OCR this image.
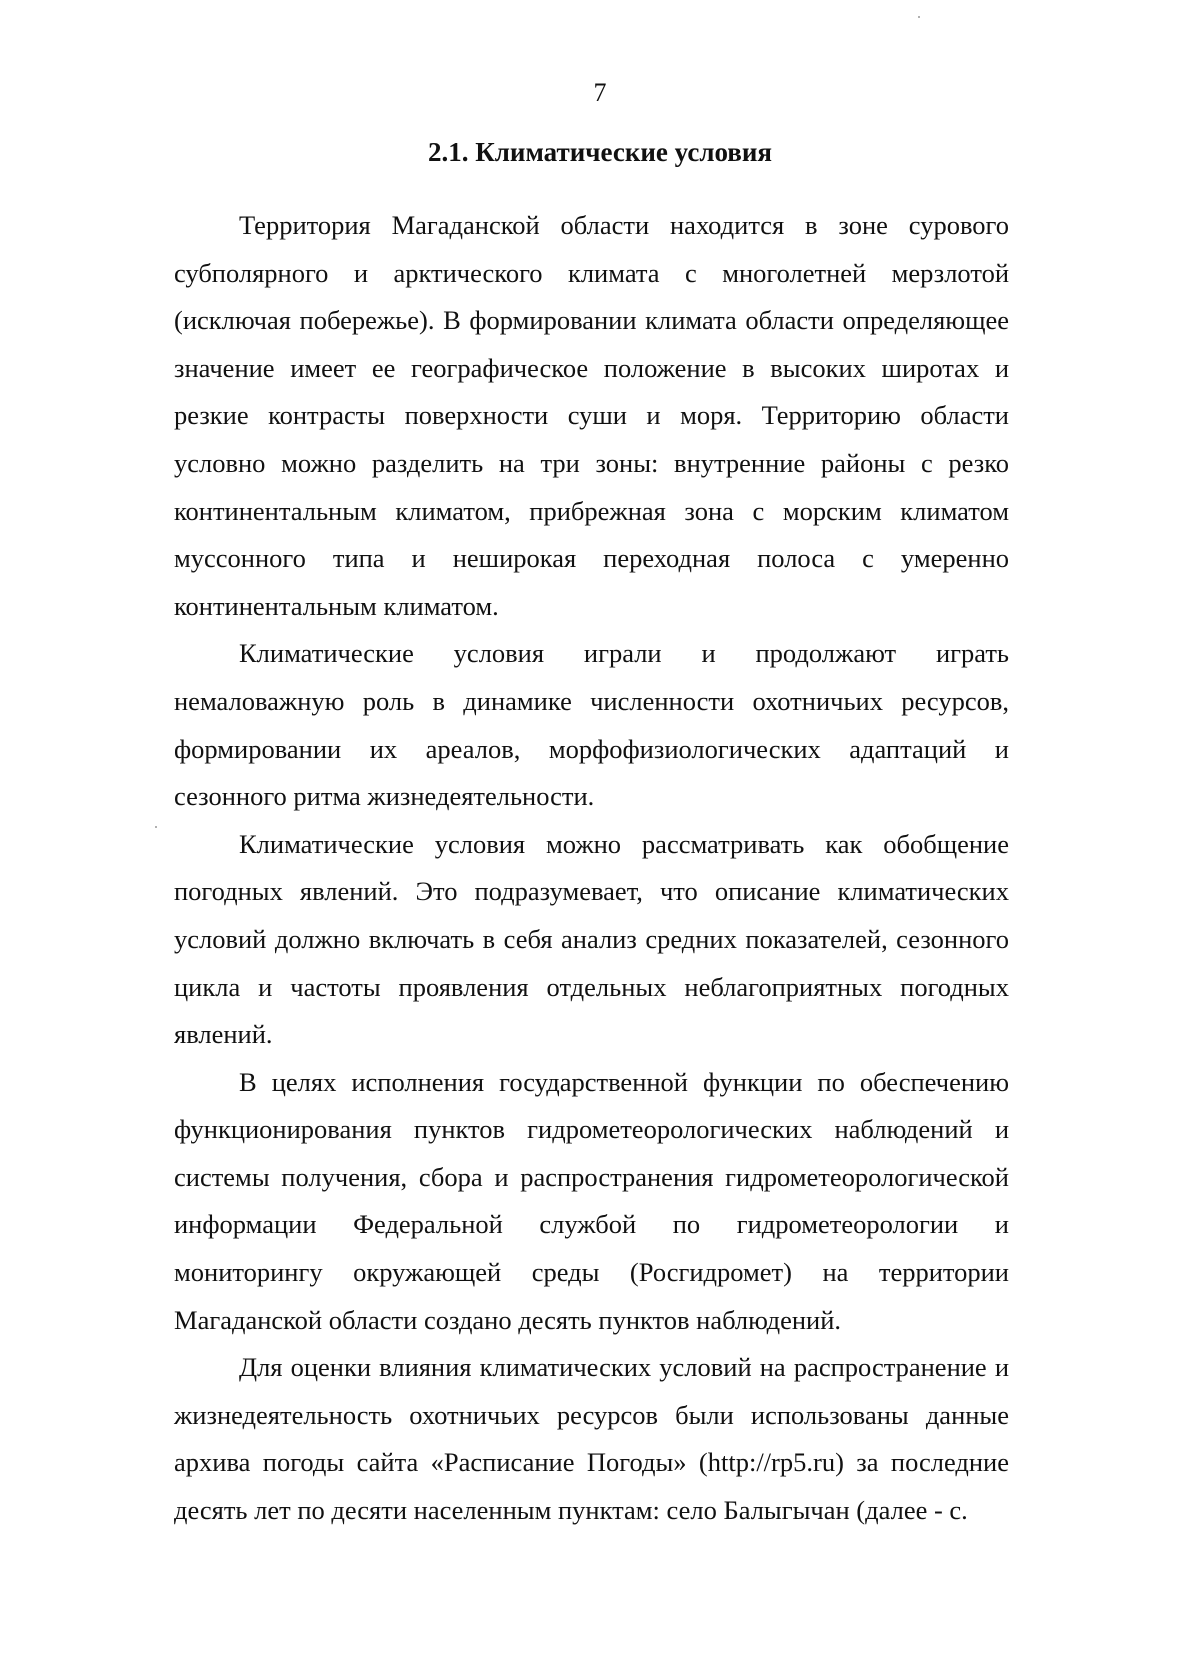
7
2.1. Климатические условия

Территория Магаданской области находится в зоне сурового субполярного и арктического климата с многолетней мерзлотой (исключая побережье). В формировании климата области определяющее значение имеет ее географическое положение в высоких широтах и резкие контрасты поверхности суши и моря. Территорию области условно можно разделить на три зоны: внутренние районы с резко континентальным климатом, прибрежная зона с морским климатом муссонного типа и неширокая переходная полоса с умеренно континентальным климатом.

Климатические условия играли и продолжают играть немаловажную роль в динамике численности охотничьих ресурсов, формировании их ареалов, морфофизиологических адаптаций и сезонного ритма жизнедеятельности.

Климатические условия можно рассматривать как обобщение погодных явлений. Это подразумевает, что описание климатических условий должно включать в себя анализ средних показателей, сезонного цикла и частоты проявления отдельных неблагоприятных погодных явлений.

В целях исполнения государственной функции по обеспечению функционирования пунктов гидрометеорологических наблюдений и системы получения, сбора и распространения гидрометеорологической информации Федеральной службой по гидрометеорологии и мониторингу окружающей среды (Росгидромет) на территории Магаданской области создано десять пунктов наблюдений.

Для оценки влияния климатических условий на распространение и жизнедеятельность охотничьих ресурсов были использованы данные архива погоды сайта «Расписание Погоды» (http://rp5.ru) за последние десять лет по десяти населенным пунктам: село Балыгычан (далее - с.
